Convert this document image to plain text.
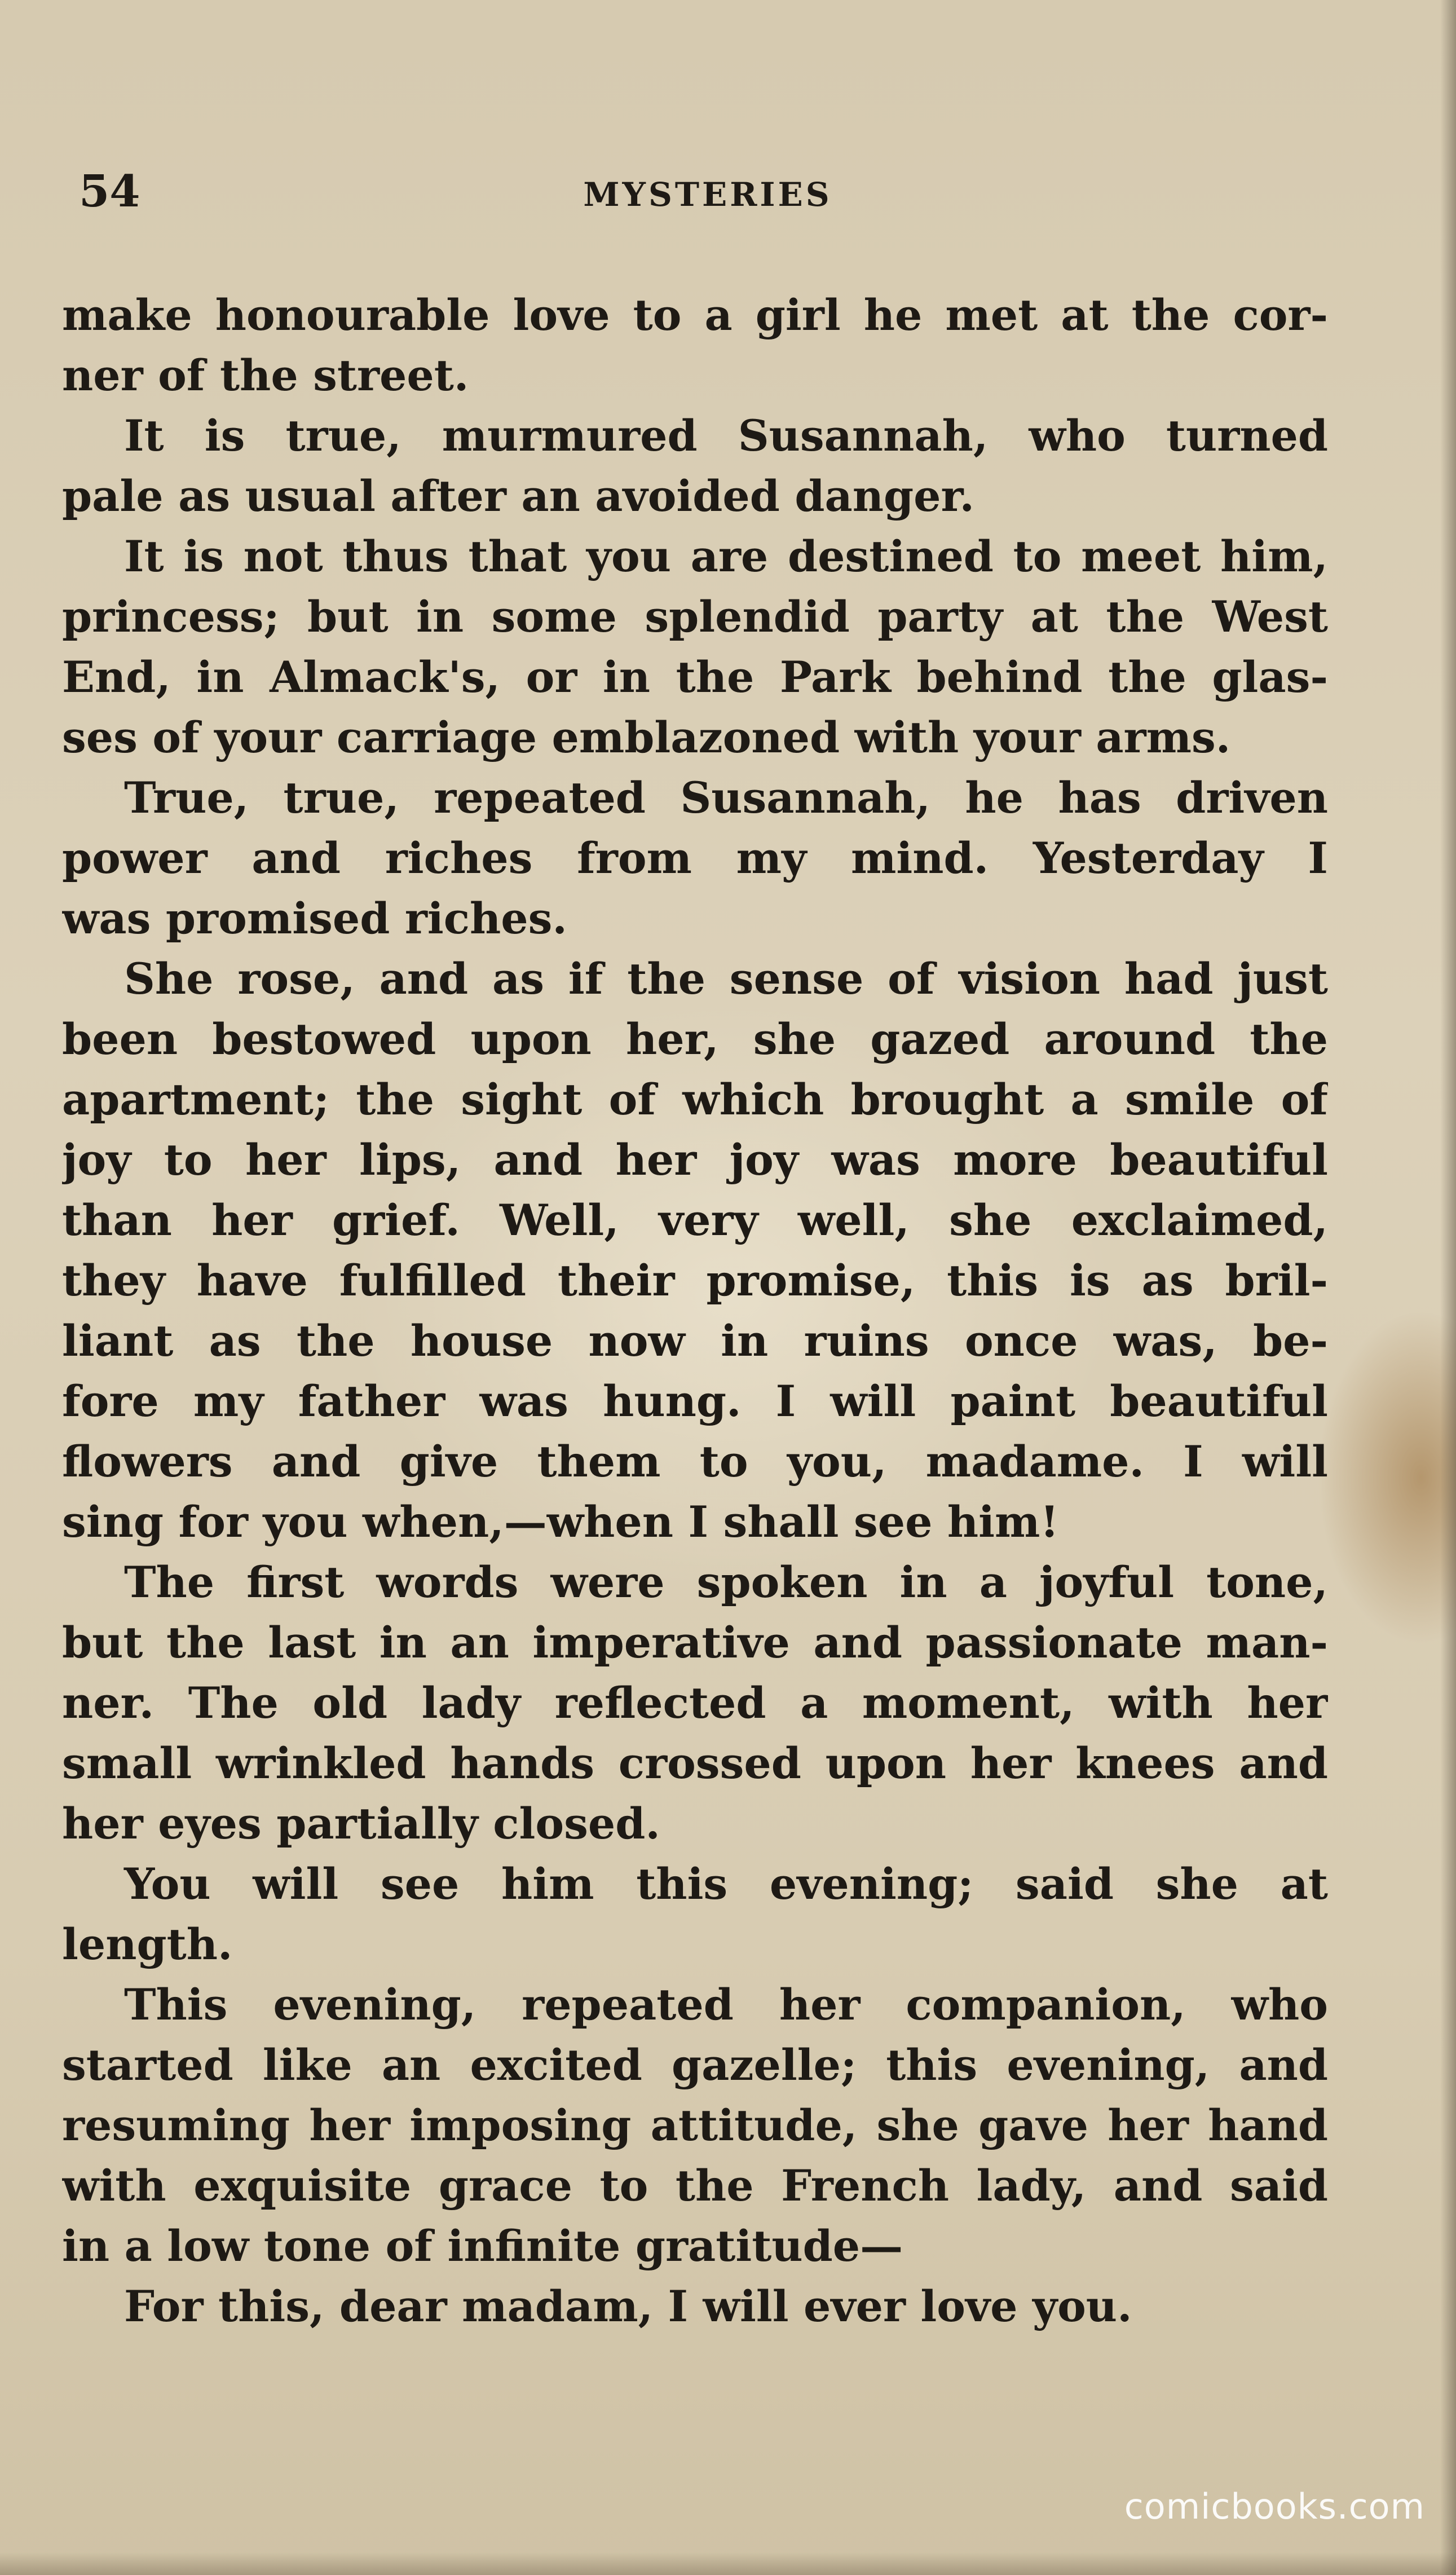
54	MYSTERIES
make honourable love to a girl he met at the cor-
ner of the street.
It is true, murmured Susannah, who turned
pale as usual after an avoided danger.
It is not thus that you are destined to meet him,
princess; but in some splendid party at the West
End, in Almack's, or in the Park behind the glas-
ses of your carriage emblazoned with your arms.
True, true, repeated Susannah, he has driven
power and riches from my mind. Yesterday I
was promised riches.
She rose, and as if the sense of vision had just
been bestowed upon her, she gazed around the
apartment; the sight of which brought a smile of
joy to her lips, and her joy was more beautiful
than her grief. Well, very well, she exclaimed,
they have fulfilled their promise, this is as bril-
liant as the house now in ruins once was, be-
fore my father was hung. I will paint beautiful
flowers and give them to you, madame. I will
sing for you when,—when I shall see him!
The first words were spoken in a joyful tone,
but the last in an imperative and passionate man-
ner. The old lady reflected a moment, with her
small wrinkled hands crossed upon her knees and
her eyes partially closed.
You will see him this evening; said she at
length.
This evening, repeated her companion, who
started like an excited gazelle; this evening, and
resuming her imposing attitude, she gave her hand
with exquisite grace to the French lady, and said
in a low tone of infinite gratitude—
For this, dear madam, I will ever love you.
comicbooks.com
